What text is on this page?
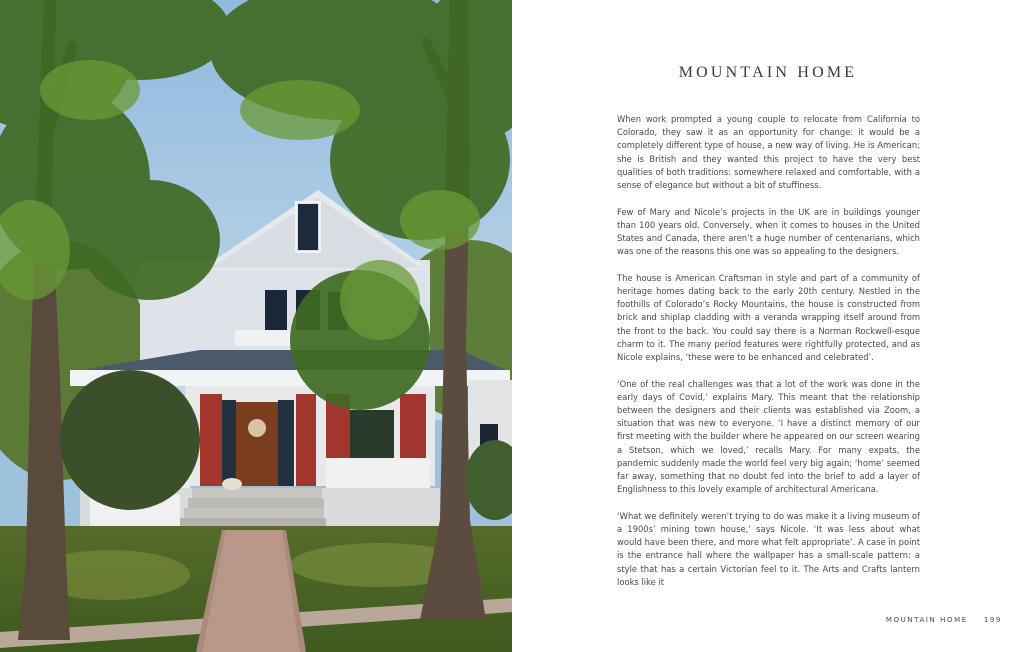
MOUNTAIN HOME

When work prompted a young couple to relocate from California to Colorado, they saw it as an opportunity for change: it would be a completely different type of house, a new way of living. He is American; she is British and they wanted this project to have the very best qualities of both traditions: somewhere relaxed and comfortable, with a sense of elegance but without a bit of stuffiness.

Few of Mary and Nicole’s projects in the UK are in buildings younger than 100 years old. Conversely, when it comes to houses in the United States and Canada, there aren’t a huge number of centenarians, which was one of the reasons this one was so appealing to the designers.

The house is American Craftsman in style and part of a community of heritage homes dating back to the early 20th century. Nestled in the foothills of Colorado’s Rocky Mountains, the house is constructed from brick and shiplap cladding with a veranda wrapping itself around from the front to the back. You could say there is a Norman Rockwell-esque charm to it. The many period features were rightfully protected, and as Nicole explains, ‘these were to be enhanced and celebrated’.

‘One of the real challenges was that a lot of the work was done in the early days of Covid,’ explains Mary. This meant that the relationship between the designers and their clients was established via Zoom, a situation that was new to everyone. ‘I have a distinct memory of our first meeting with the builder where he appeared on our screen wearing a Stetson, which we loved,’ recalls Mary. For many expats, the pandemic suddenly made the world feel very big again; ‘home’ seemed far away, something that no doubt fed into the brief to add a layer of Englishness to this lovely example of architectural Americana.

‘What we definitely weren’t trying to do was make it a living museum of a 1900s’ mining town house,’ says Nicole. ‘It was less about what would have been there, and more what felt appropriate’. A case in point is the entrance hall where the wallpaper has a small-scale pattern: a style that has a certain Victorian feel to it. The Arts and Crafts lantern looks like it

MOUNTAIN HOME 199
